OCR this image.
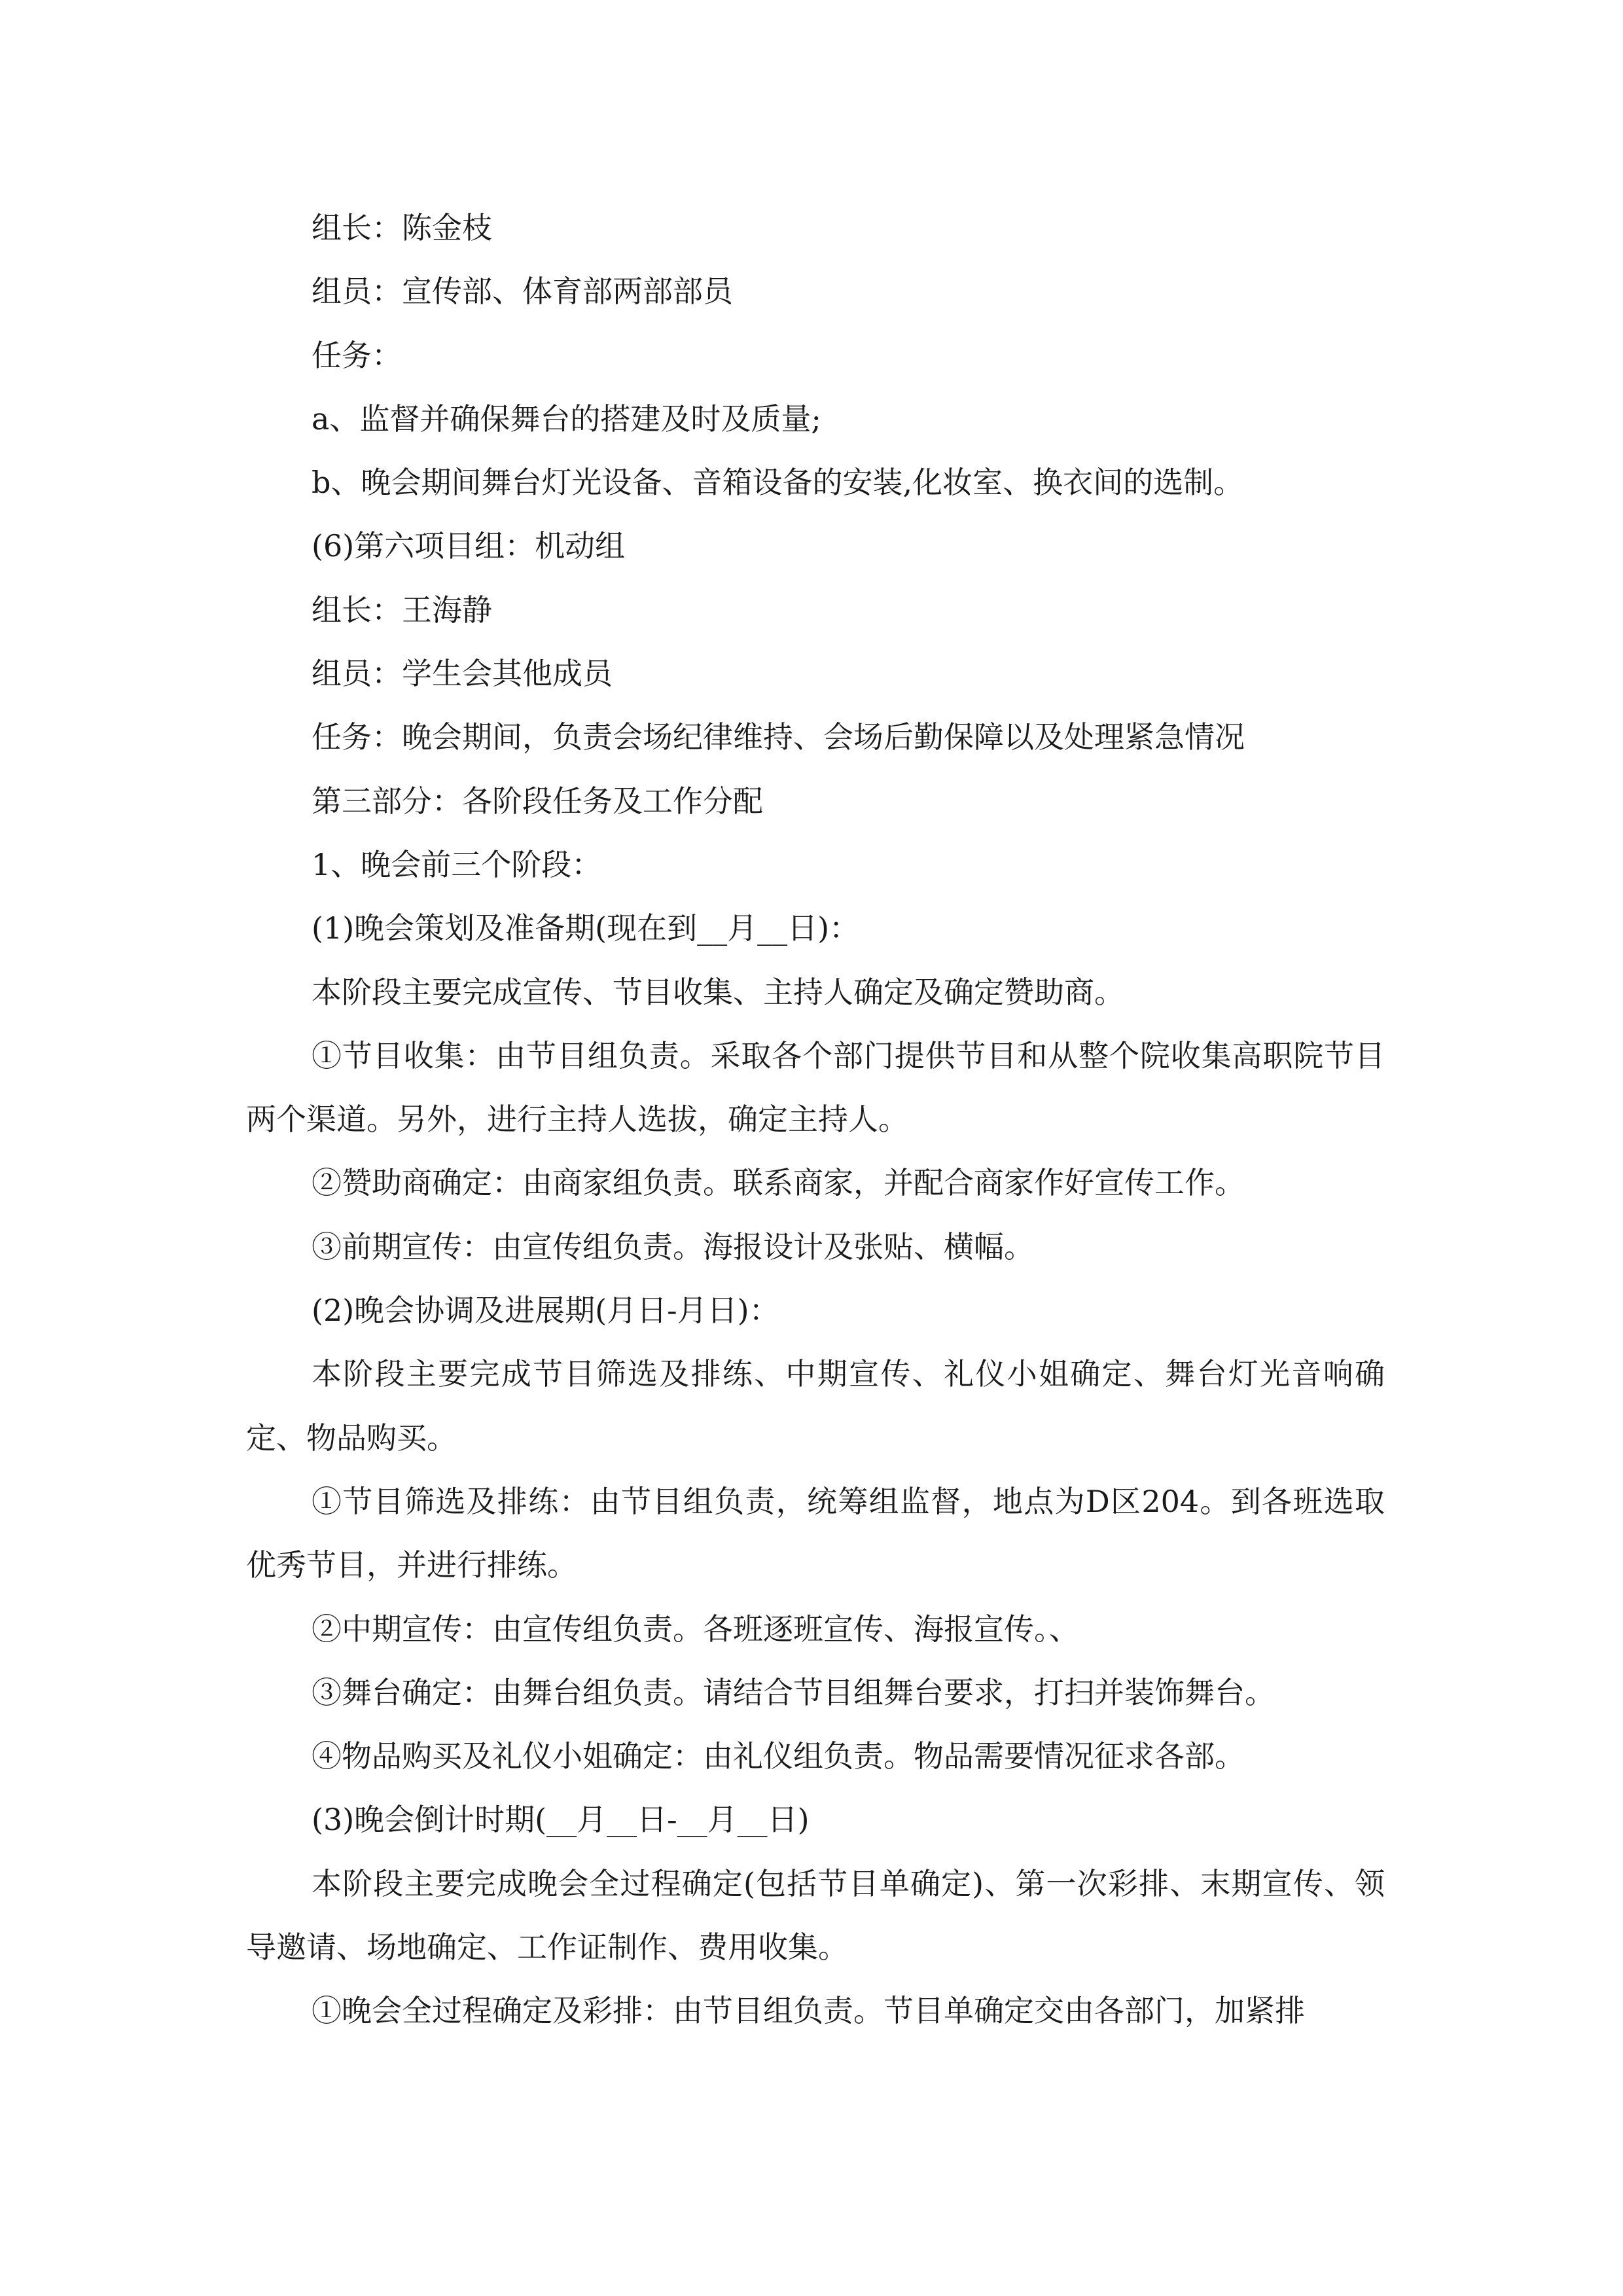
组长：陈金枝

组员：宣传部、体育部两部部员

任务：

a、监督并确保舞台的搭建及时及质量;

b、晚会期间舞台灯光设备、音箱设备的安装,化妆室、换衣间的选制。

(6)第六项目组：机动组

组长：王海静

组员：学生会其他成员

任务：晚会期间，负责会场纪律维持、会场后勤保障以及处理紧急情况

第三部分：各阶段任务及工作分配

1、晚会前三个阶段：

(1)晚会策划及准备期(现在到__月__日)：

本阶段主要完成宣传、节目收集、主持人确定及确定赞助商。

①节目收集：由节目组负责。采取各个部门提供节目和从整个院收集高职院节目两个渠道。另外，进行主持人选拔，确定主持人。

②赞助商确定：由商家组负责。联系商家，并配合商家作好宣传工作。

③前期宣传：由宣传组负责。海报设计及张贴、横幅。

(2)晚会协调及进展期(月日-月日)：

本阶段主要完成节目筛选及排练、中期宣传、礼仪小姐确定、舞台灯光音响确定、物品购买。

①节目筛选及排练：由节目组负责，统筹组监督，地点为D区204。到各班选取优秀节目，并进行排练。

②中期宣传：由宣传组负责。各班逐班宣传、海报宣传。、

③舞台确定：由舞台组负责。请结合节目组舞台要求，打扫并装饰舞台。

④物品购买及礼仪小姐确定：由礼仪组负责。物品需要情况征求各部。

(3)晚会倒计时期(__月__日-__月__日)

本阶段主要完成晚会全过程确定(包括节目单确定)、第一次彩排、末期宣传、领导邀请、场地确定、工作证制作、费用收集。

①晚会全过程确定及彩排：由节目组负责。节目单确定交由各部门，加紧排
